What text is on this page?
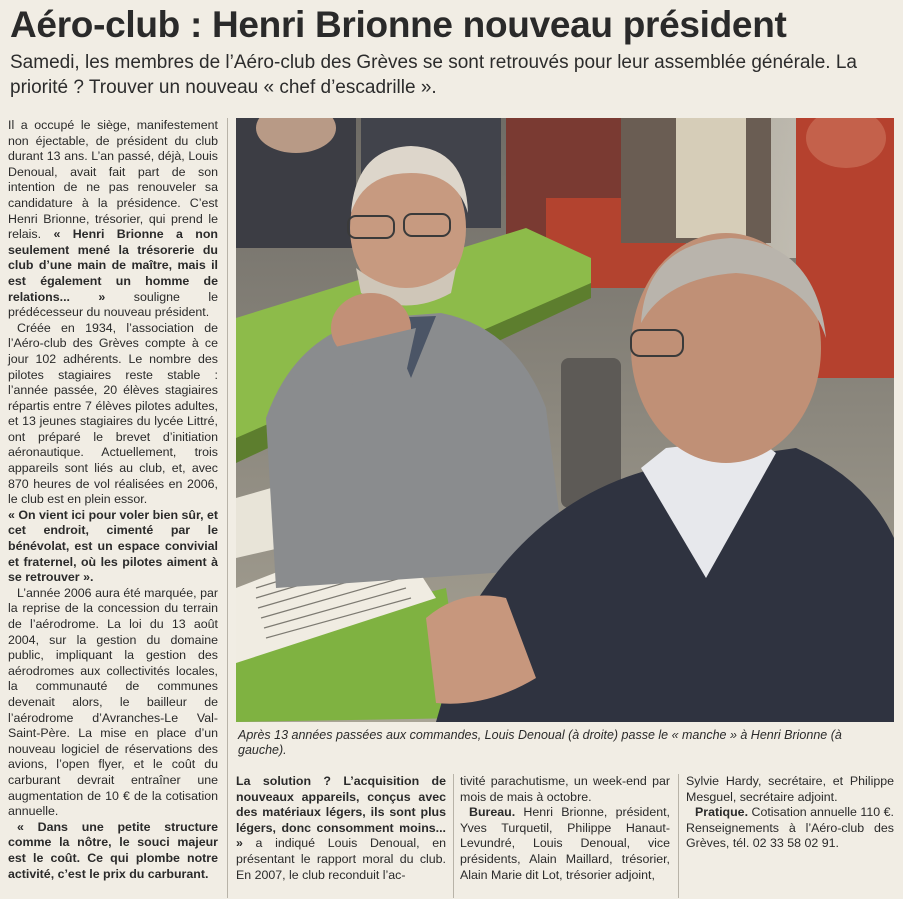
Aéro-club : Henri Brionne nouveau président
Samedi, les membres de l’Aéro-club des Grèves se sont retrouvés pour leur assemblée générale. La priorité ? Trouver un nouveau « chef d’escadrille ».

Il a occupé le siège, manifestement non éjectable, de président du club durant 13 ans. L’an passé, déjà, Louis Denoual, avait fait part de son intention de ne pas renouveler sa candidature à la présidence. C’est Henri Brionne, trésorier, qui prend le relais. « Henri Brionne a non seulement mené la trésorerie du club d’une main de maître, mais il est également un homme de relations... » souligne le prédécesseur du nouveau président.

Créée en 1934, l’association de l’Aéro-club des Grèves compte à ce jour 102 adhérents. Le nombre des pilotes stagiaires reste stable : l’année passée, 20 élèves stagiaires répartis entre 7 élèves pilotes adultes, et 13 jeunes stagiaires du lycée Littré, ont préparé le brevet d’initiation aéronautique. Actuellement, trois appareils sont liés au club, et, avec 870 heures de vol réalisées en 2006, le club est en plein essor.

« On vient ici pour voler bien sûr, et cet endroit, cimenté par le bénévolat, est un espace convivial et fraternel, où les pilotes aiment à se retrouver ».

L’année 2006 aura été marquée, par la reprise de la concession du terrain de l’aérodrome. La loi du 13 août 2004, sur la gestion du domaine public, impliquant la gestion des aérodromes aux collectivités locales, la communauté de communes devenait alors, le bailleur de l’aérodrome d’Avranches-Le Val-Saint-Père. La mise en place d’un nouveau logiciel de réservations des avions, l’open flyer, et le coût du carburant devrait entraîner une augmentation de 10 € de la cotisation annuelle.

« Dans une petite structure comme la nôtre, le souci majeur est le coût. Ce qui plombe notre activité, c’est le prix du carburant.

Après 13 années passées aux commandes, Louis Denoual (à droite) passe le « manche » à Henri Brionne (à gauche).

La solution ? L’acquisition de nouveaux appareils, conçus avec des matériaux légers, ils sont plus légers, donc consomment moins... » a indiqué Louis Denoual, en présentant le rapport moral du club. En 2007, le club reconduit l’ac-

tivité parachutisme, un week-end par mois de mais à octobre.

Bureau. Henri Brionne, président, Yves Turquetil, Philippe Hanaut-Levundré, Louis Denoual, vice présidents, Alain Maillard, trésorier, Alain Marie dit Lot, trésorier adjoint,

Sylvie Hardy, secrétaire, et Philippe Mesguel, secrétaire adjoint.

Pratique. Cotisation annuelle 110 €. Renseignements à l’Aéro-club des Grèves, tél. 02 33 58 02 91.
